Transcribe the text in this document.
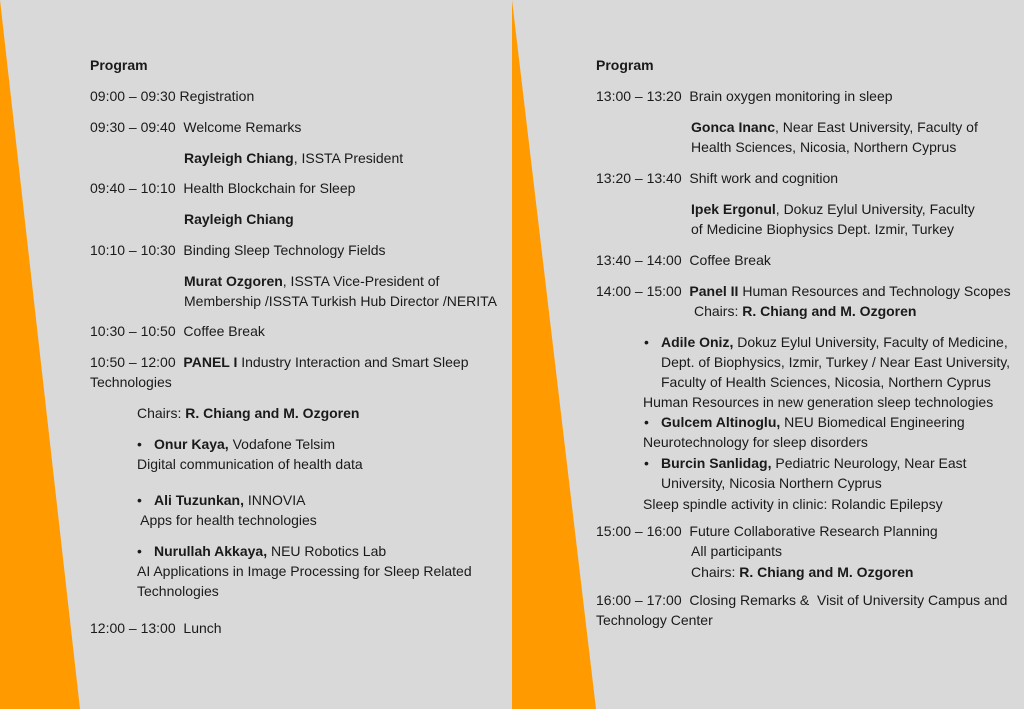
Program
09:00 – 09:30 Registration
09:30 – 09:40 Welcome Remarks
Rayleigh Chiang, ISSTA President
09:40 – 10:10 Health Blockchain for Sleep
Rayleigh Chiang
10:10 – 10:30 Binding Sleep Technology Fields
Murat Ozgoren, ISSTA Vice-President of
Membership /ISSTA Turkish Hub Director /NERITA
10:30 – 10:50 Coffee Break
10:50 – 12:00 PANEL I Industry Interaction and Smart Sleep
Technologies
Chairs: R. Chiang and M. Ozgoren
• Onur Kaya, Vodafone Telsim
Digital communication of health data
• Ali Tuzunkan, INNOVIA
Apps for health technologies
• Nurullah Akkaya, NEU Robotics Lab
AI Applications in Image Processing for Sleep Related
Technologies
12:00 – 13:00 Lunch
Program
13:00 – 13:20 Brain oxygen monitoring in sleep
Gonca Inanc, Near East University, Faculty of
Health Sciences, Nicosia, Northern Cyprus
13:20 – 13:40 Shift work and cognition
Ipek Ergonul, Dokuz Eylul University, Faculty
of Medicine Biophysics Dept. Izmir, Turkey
13:40 – 14:00 Coffee Break
14:00 – 15:00 Panel II Human Resources and Technology Scopes
Chairs: R. Chiang and M. Ozgoren
• Adile Oniz, Dokuz Eylul University, Faculty of Medicine,
Dept. of Biophysics, Izmir, Turkey / Near East University,
Faculty of Health Sciences, Nicosia, Northern Cyprus
Human Resources in new generation sleep technologies
• Gulcem Altinoglu, NEU Biomedical Engineering
Neurotechnology for sleep disorders
• Burcin Sanlidag, Pediatric Neurology, Near East
University, Nicosia Northern Cyprus
Sleep spindle activity in clinic: Rolandic Epilepsy
15:00 – 16:00 Future Collaborative Research Planning
All participants
Chairs: R. Chiang and M. Ozgoren
16:00 – 17:00 Closing Remarks &  Visit of University Campus and
Technology Center
